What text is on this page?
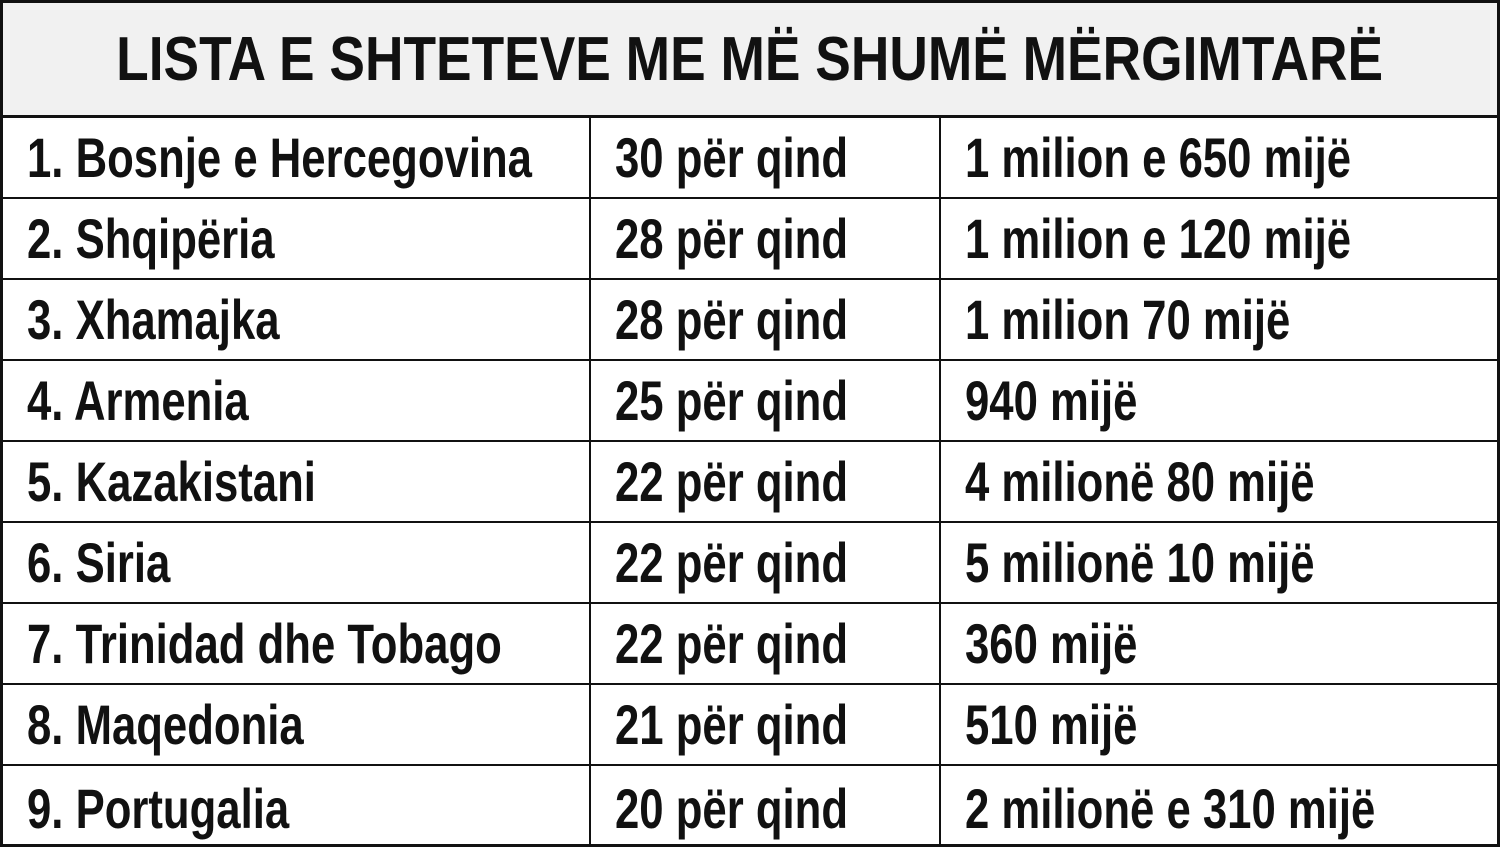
LISTA E SHTETEVE ME MË SHUMË MËRGIMTARË
1. Bosnje e Hercegovina 30 për qind 1 milion e 650 mijë
2. Shqipëria	28 për qind 1 milion e 120 mijë
3. Xhamajka	28 për qind 1 milion 70 mijë
4. Armenia	25 për qind 940 mijë
5. Kazakistani	22 për qind 4 milionë 80 mijë
6. Siria	22 për qind 5 milionë 10 mijë
7. Trinidad dhe Tobago 22 për qind 360 mijë
8. Maqedonia	21 për qind 510 mijë
9. Portugalia	20 për qind 2 milionë e 310 mijë
